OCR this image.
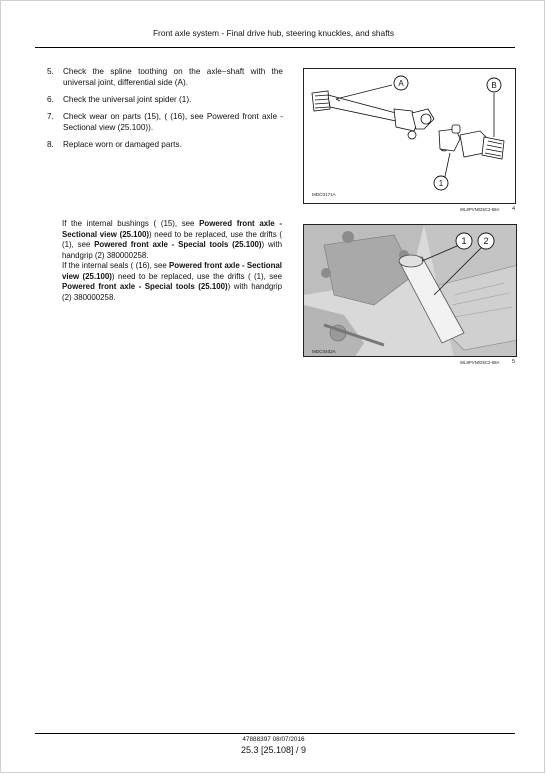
Front axle system - Final drive hub, steering knuckles, and shafts
5. Check the spline toothing on the axle−shaft with the universal joint, differential side (A).
6. Check the universal joint spider (1).
7. Check wear on parts (15), ( (16), see Powered front axle - Sectional view (25.100)).
8. Replace worn or damaged parts.

If the internal bushings ( (15), see Powered front axle - Sectional view (25.100)) need to be replaced, use the drifts ( (1), see Powered front axle - Special tools (25.100)) with handgrip (2) 380000258.

If the internal seals ( (16), see Powered front axle - Sectional view (25.100)) need to be replaced, use the drifts ( (1), see Powered front axle - Special tools (25.100)) with handgrip (2) 380000258.

A	B
1
MDC0171A
WL8PVN025C2-58A 4
1 2
MDC0402A
WL8PVN025C2-58A 5
47888397 08/07/2016
25.3 [25.108] / 9
